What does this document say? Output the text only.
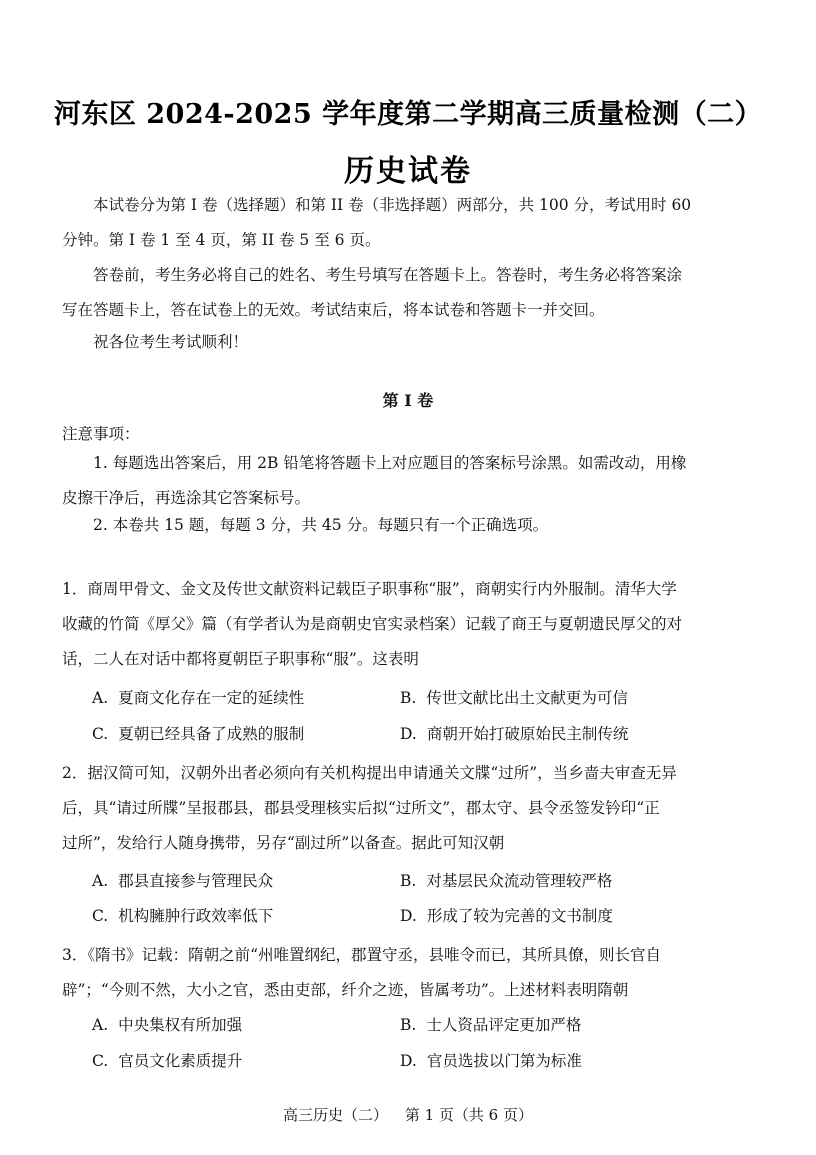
河东区 2024-2025 学年度第二学期高三质量检测（二）
历史试卷
本试卷分为第 I 卷（选择题）和第 II 卷（非选择题）两部分，共 100 分，考试用时 60
分钟。第 I 卷 1 至 4 页，第 II 卷 5 至 6 页。
答卷前，考生务必将自己的姓名、考生号填写在答题卡上。答卷时，考生务必将答案涂
写在答题卡上，答在试卷上的无效。考试结束后，将本试卷和答题卡一并交回。
祝各位考生考试顺利！
第 I 卷
注意事项：
1. 每题选出答案后，用 2B 铅笔将答题卡上对应题目的答案标号涂黑。如需改动，用橡
皮擦干净后，再选涂其它答案标号。
2. 本卷共 15 题，每题 3 分，共 45 分。每题只有一个正确选项。
1．商周甲骨文、金文及传世文献资料记载臣子职事称“服”，商朝实行内外服制。清华大学
收藏的竹简《厚父》篇（有学者认为是商朝史官实录档案）记载了商王与夏朝遗民厚父的对
话，二人在对话中都将夏朝臣子职事称“服”。这表明
A. 夏商文化存在一定的延续性	B. 传世文献比出土文献更为可信
C. 夏朝已经具备了成熟的服制	D. 商朝开始打破原始民主制传统
2．据汉简可知，汉朝外出者必须向有关机构提出申请通关文牒“过所”，当乡啬夫审查无异
后，具“请过所牒”呈报郡县，郡县受理核实后拟“过所文”，郡太守、县令丞签发钤印“正
过所”，发给行人随身携带，另存“副过所”以备查。据此可知汉朝
A. 郡县直接参与管理民众	B. 对基层民众流动管理较严格
C. 机构臃肿行政效率低下	D. 形成了较为完善的文书制度
3．《隋书》记载：隋朝之前“州唯置纲纪，郡置守丞，县唯令而已，其所具僚，则长官自
辟”；“今则不然，大小之官，悉由吏部，纤介之迹，皆属考功”。上述材料表明隋朝
A. 中央集权有所加强	B. 士人资品评定更加严格
C. 官员文化素质提升	D. 官员选拔以门第为标准
高三历史（二） 第 1 页（共 6 页）
